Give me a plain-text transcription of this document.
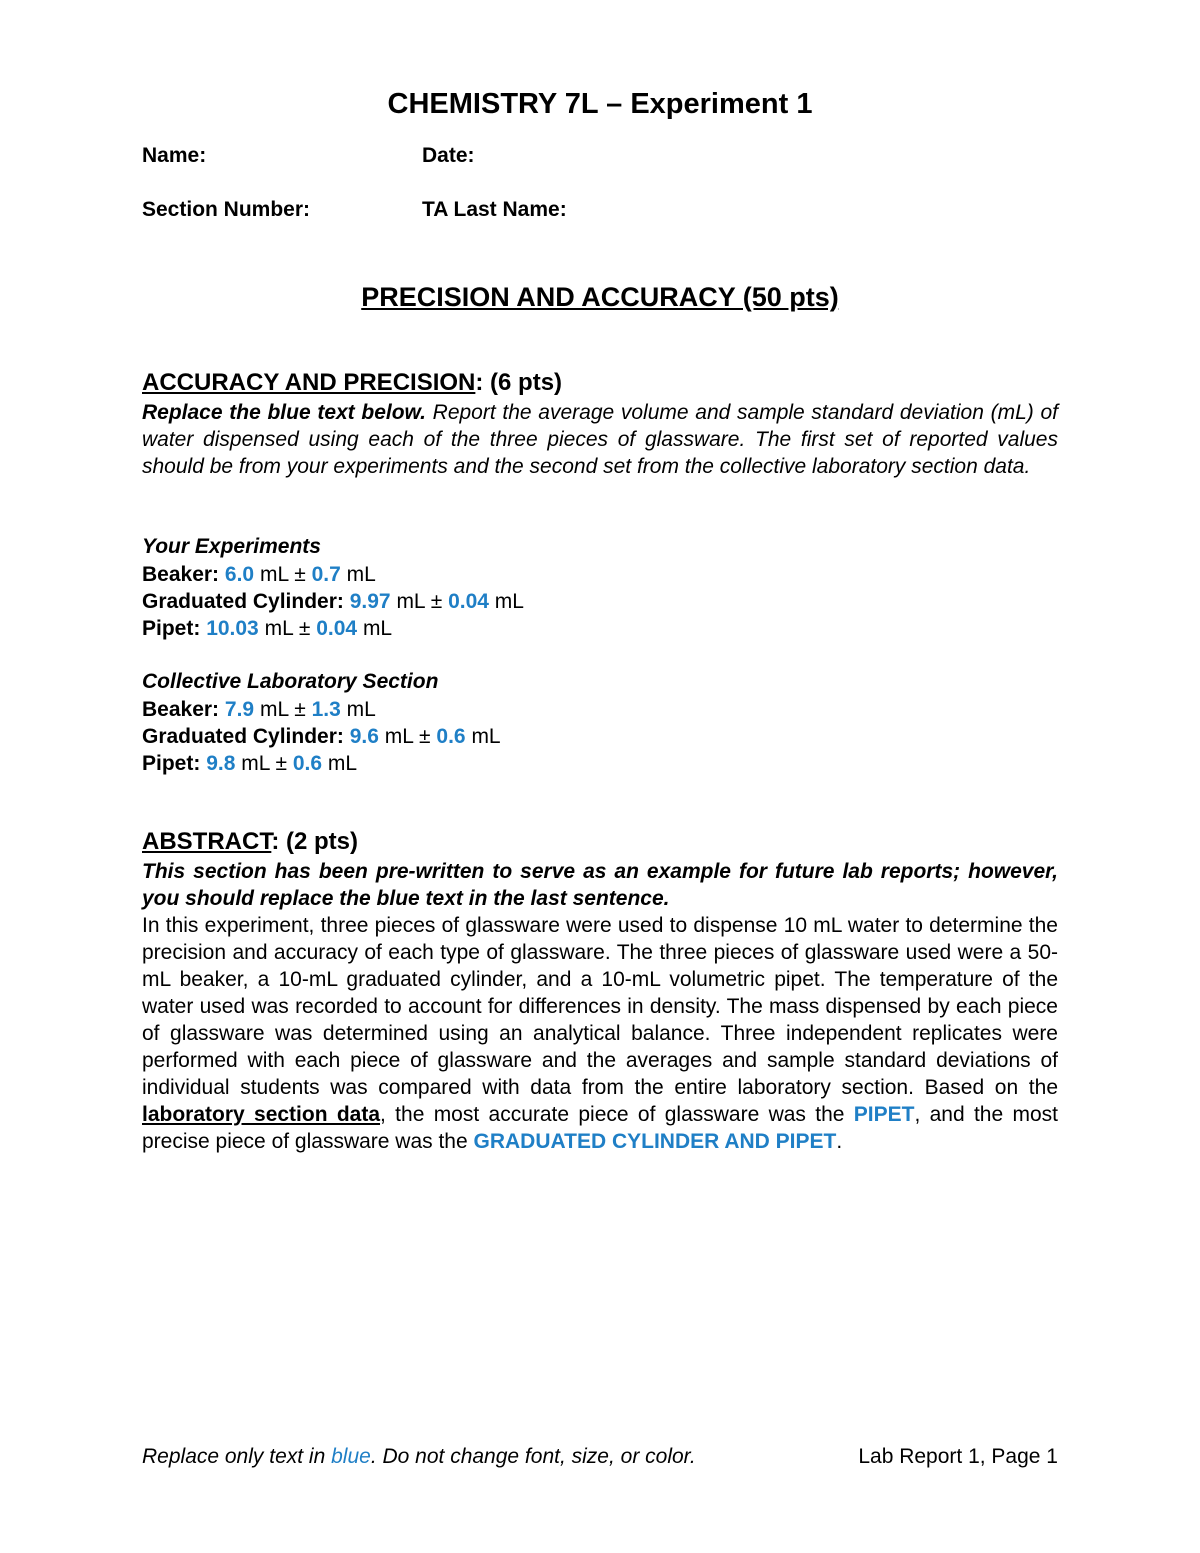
CHEMISTRY 7L – Experiment 1
Name:	Date:
Section Number:	TA Last Name:
PRECISION AND ACCURACY (50 pts)
ACCURACY AND PRECISION: (6 pts)
Replace the blue text below. Report the average volume and sample standard deviation (mL) of water dispensed using each of the three pieces of glassware. The first set of reported values should be from your experiments and the second set from the collective laboratory section data.
Your Experiments
Beaker: 6.0 mL ± 0.7 mL
Graduated Cylinder: 9.97 mL ± 0.04 mL
Pipet: 10.03 mL ± 0.04 mL
Collective Laboratory Section
Beaker: 7.9 mL ± 1.3 mL
Graduated Cylinder: 9.6 mL ± 0.6 mL
Pipet: 9.8 mL ± 0.6 mL
ABSTRACT: (2 pts)
This section has been pre-written to serve as an example for future lab reports; however, you should replace the blue text in the last sentence.
In this experiment, three pieces of glassware were used to dispense 10 mL water to determine the precision and accuracy of each type of glassware. The three pieces of glassware used were a 50-mL beaker, a 10-mL graduated cylinder, and a 10-mL volumetric pipet. The temperature of the water used was recorded to account for differences in density. The mass dispensed by each piece of glassware was determined using an analytical balance. Three independent replicates were performed with each piece of glassware and the averages and sample standard deviations of individual students was compared with data from the entire laboratory section. Based on the laboratory section data, the most accurate piece of glassware was the PIPET, and the most precise piece of glassware was the GRADUATED CYLINDER AND PIPET.
Replace only text in blue. Do not change font, size, or color.	Lab Report 1, Page 1
